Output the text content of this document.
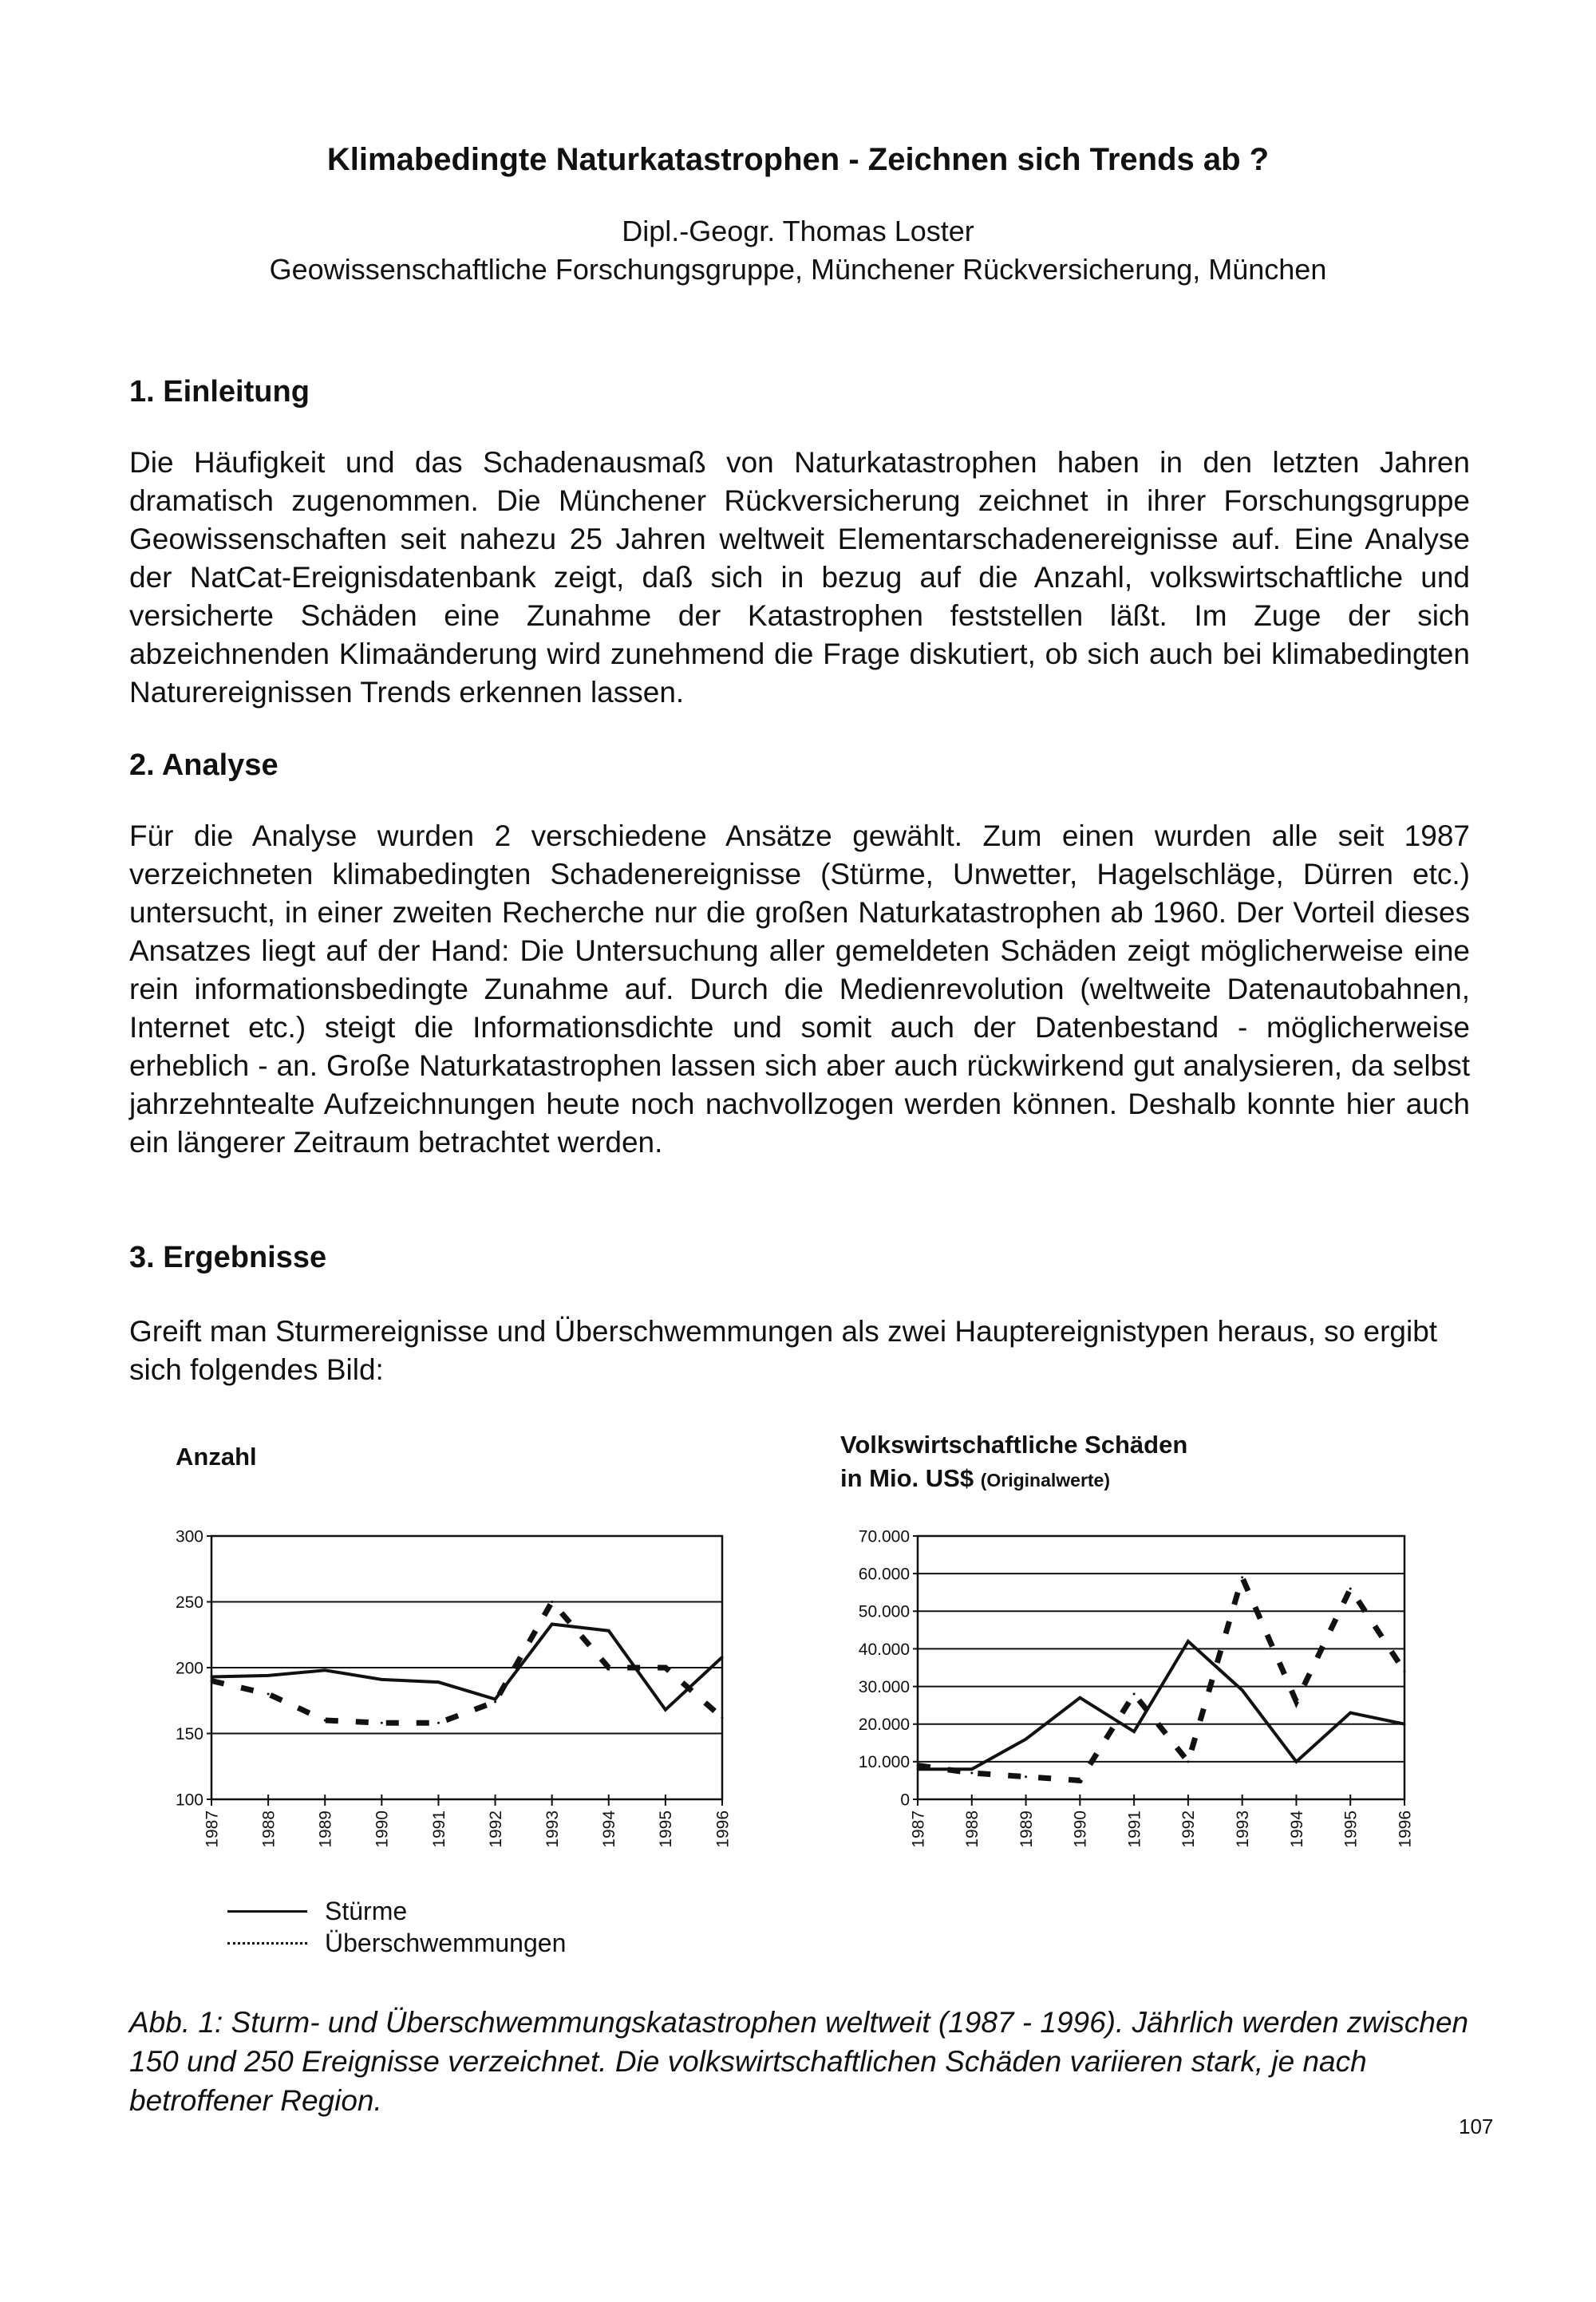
Klimabedingte Naturkatastrophen - Zeichnen sich Trends ab ?
Dipl.-Geogr. Thomas Loster
Geowissenschaftliche Forschungsgruppe, Münchener Rückversicherung, München
1. Einleitung
Die Häufigkeit und das Schadenausmaß von Naturkatastrophen haben in den letzten Jahren dramatisch zugenommen. Die Münchener Rückversicherung zeichnet in ihrer Forschungsgruppe Geowissenschaften seit nahezu 25 Jahren weltweit Elementarschadenereignisse auf. Eine Analyse der NatCat-Ereignisdatenbank zeigt, daß sich in bezug auf die Anzahl, volkswirtschaftliche und versicherte Schäden eine Zunahme der Katastrophen feststellen läßt. Im Zuge der sich abzeichnenden Klimaänderung wird zunehmend die Frage diskutiert, ob sich auch bei klimabedingten Naturereignissen Trends erkennen lassen.
2. Analyse
Für die Analyse wurden 2 verschiedene Ansätze gewählt. Zum einen wurden alle seit 1987 verzeichneten klimabedingten Schadenereignisse (Stürme, Unwetter, Hagelschläge, Dürren etc.) untersucht, in einer zweiten Recherche nur die großen Naturkatastrophen ab 1960. Der Vorteil dieses Ansatzes liegt auf der Hand: Die Untersuchung aller gemeldeten Schäden zeigt möglicherweise eine rein informationsbedingte Zunahme auf. Durch die Medienrevolution (weltweite Datenautobahnen, Internet etc.) steigt die Informationsdichte und somit auch der Datenbestand - möglicherweise erheblich - an. Große Naturkatastrophen lassen sich aber auch rückwirkend gut analysieren, da selbst jahrzehntealte Aufzeichnungen heute noch nachvollzogen werden können. Deshalb konnte hier auch ein längerer Zeitraum betrachtet werden.
3. Ergebnisse
Greift man Sturmereignisse und Überschwemmungen als zwei Hauptereignistypen heraus, so ergibt sich folgendes Bild:
Anzahl	Volkswirtschaftliche Schäden
in Mio. US$ (Originalwerte)
100
150
200
250
300
1987 1988 1989 1990 1991 1992 1993 1994 1995 1996
0
10.000
20.000
30.000
40.000
50.000
60.000
70.000
1987 1988 1989 1990 1991 1992 1993 1994 1995 1996
Stürme
Überschwemmungen
Abb. 1: Sturm- und Überschwemmungskatastrophen weltweit (1987 - 1996). Jährlich werden zwischen 150 und 250 Ereignisse verzeichnet. Die volkswirtschaftlichen Schäden variieren stark, je nach betroffener Region.
107
